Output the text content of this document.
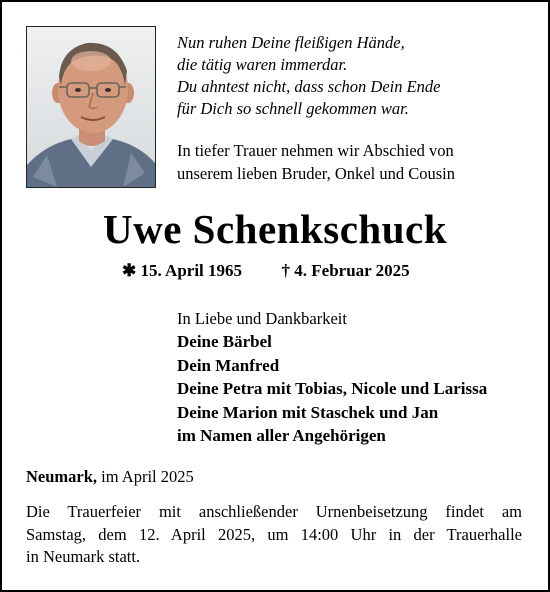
Nun ruhen Deine fleißigen Hände,
die tätig waren immerdar.
Du ahntest nicht, dass schon Dein Ende
für Dich so schnell gekommen war.
In tiefer Trauer nehmen wir Abschied von
unserem lieben Bruder, Onkel und Cousin
Uwe Schenkschuck
✱ 15. April 1965 † 4. Februar 2025
In Liebe und Dankbarkeit
Deine Bärbel
Dein Manfred
Deine Petra mit Tobias, Nicole und Larissa
Deine Marion mit Staschek und Jan
im Namen aller Angehörigen
Neumark, im April 2025
Die Trauerfeier mit anschließender Urnenbeisetzung findet am
Samstag, dem 12. April 2025, um 14:00 Uhr in der Trauerhalle
in Neumark statt.
